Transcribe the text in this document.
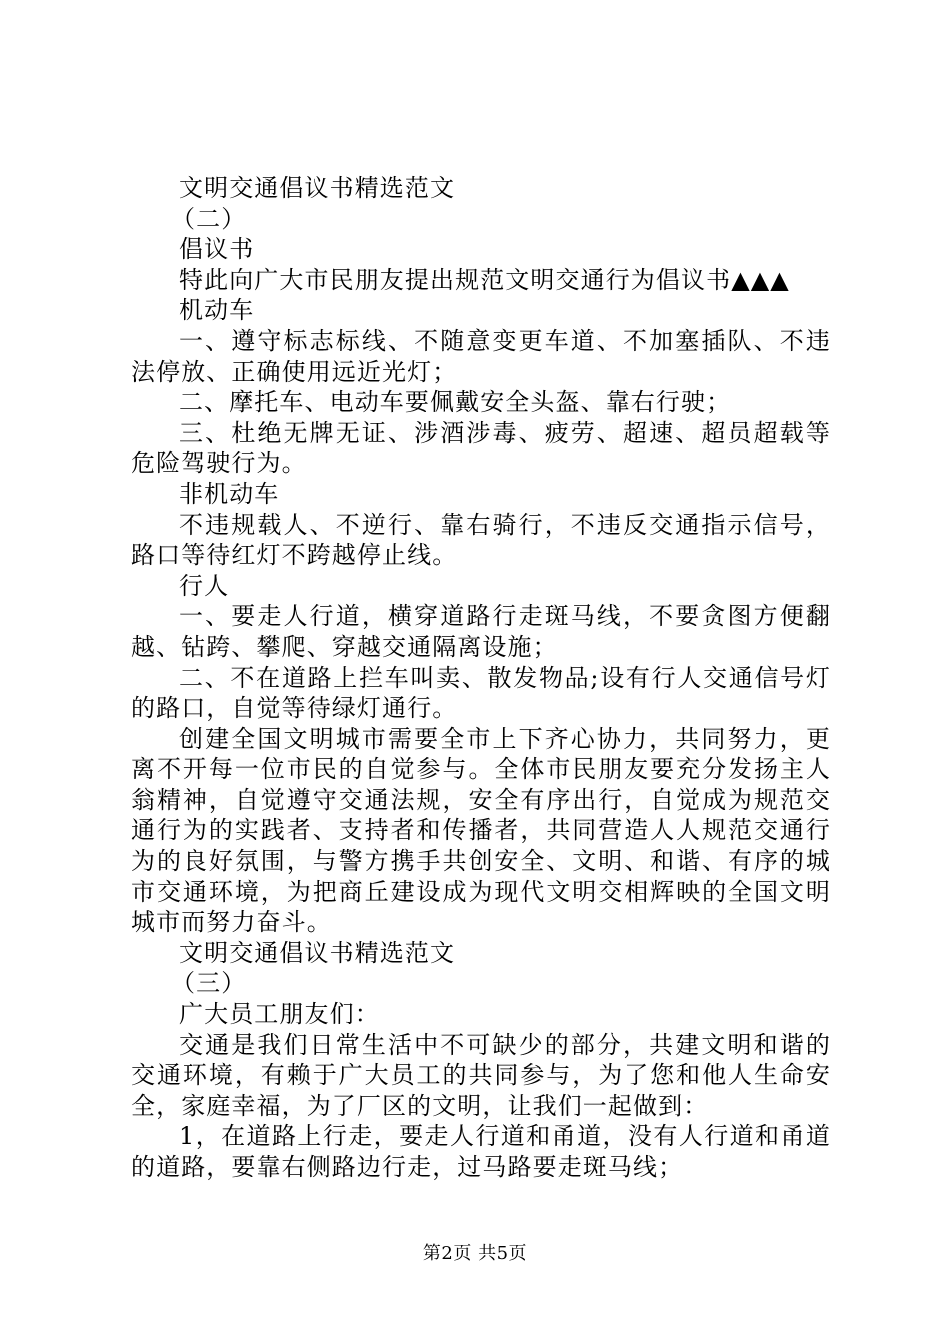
文明交通倡议书精选范文
（二）
倡议书
特此向广大市民朋友提出规范文明交通行为倡议书▲▲▲
机动车
一、遵守标志标线、不随意变更车道、不加塞插队、不违
法停放、正确使用远近光灯；
二、摩托车、电动车要佩戴安全头盔、靠右行驶；
三、杜绝无牌无证、涉酒涉毒、疲劳、超速、超员超载等
危险驾驶行为。
非机动车
不违规载人、不逆行、靠右骑行，不违反交通指示信号，
路口等待红灯不跨越停止线。
行人
一、要走人行道，横穿道路行走斑马线，不要贪图方便翻
越、钻跨、攀爬、穿越交通隔离设施；
二、不在道路上拦车叫卖、散发物品;设有行人交通信号灯
的路口，自觉等待绿灯通行。
创建全国文明城市需要全市上下齐心协力，共同努力，更
离不开每一位市民的自觉参与。全体市民朋友要充分发扬主人
翁精神，自觉遵守交通法规，安全有序出行，自觉成为规范交
通行为的实践者、支持者和传播者，共同营造人人规范交通行
为的良好氛围，与警方携手共创安全、文明、和谐、有序的城
市交通环境，为把商丘建设成为现代文明交相辉映的全国文明
城市而努力奋斗。
文明交通倡议书精选范文
（三）
广大员工朋友们：
交通是我们日常生活中不可缺少的部分，共建文明和谐的
交通环境，有赖于广大员工的共同参与，为了您和他人生命安
全，家庭幸福，为了厂区的文明，让我们一起做到：
1，在道路上行走，要走人行道和甬道，没有人行道和甬道
的道路，要靠右侧路边行走，过马路要走斑马线；
第2页 共5页
